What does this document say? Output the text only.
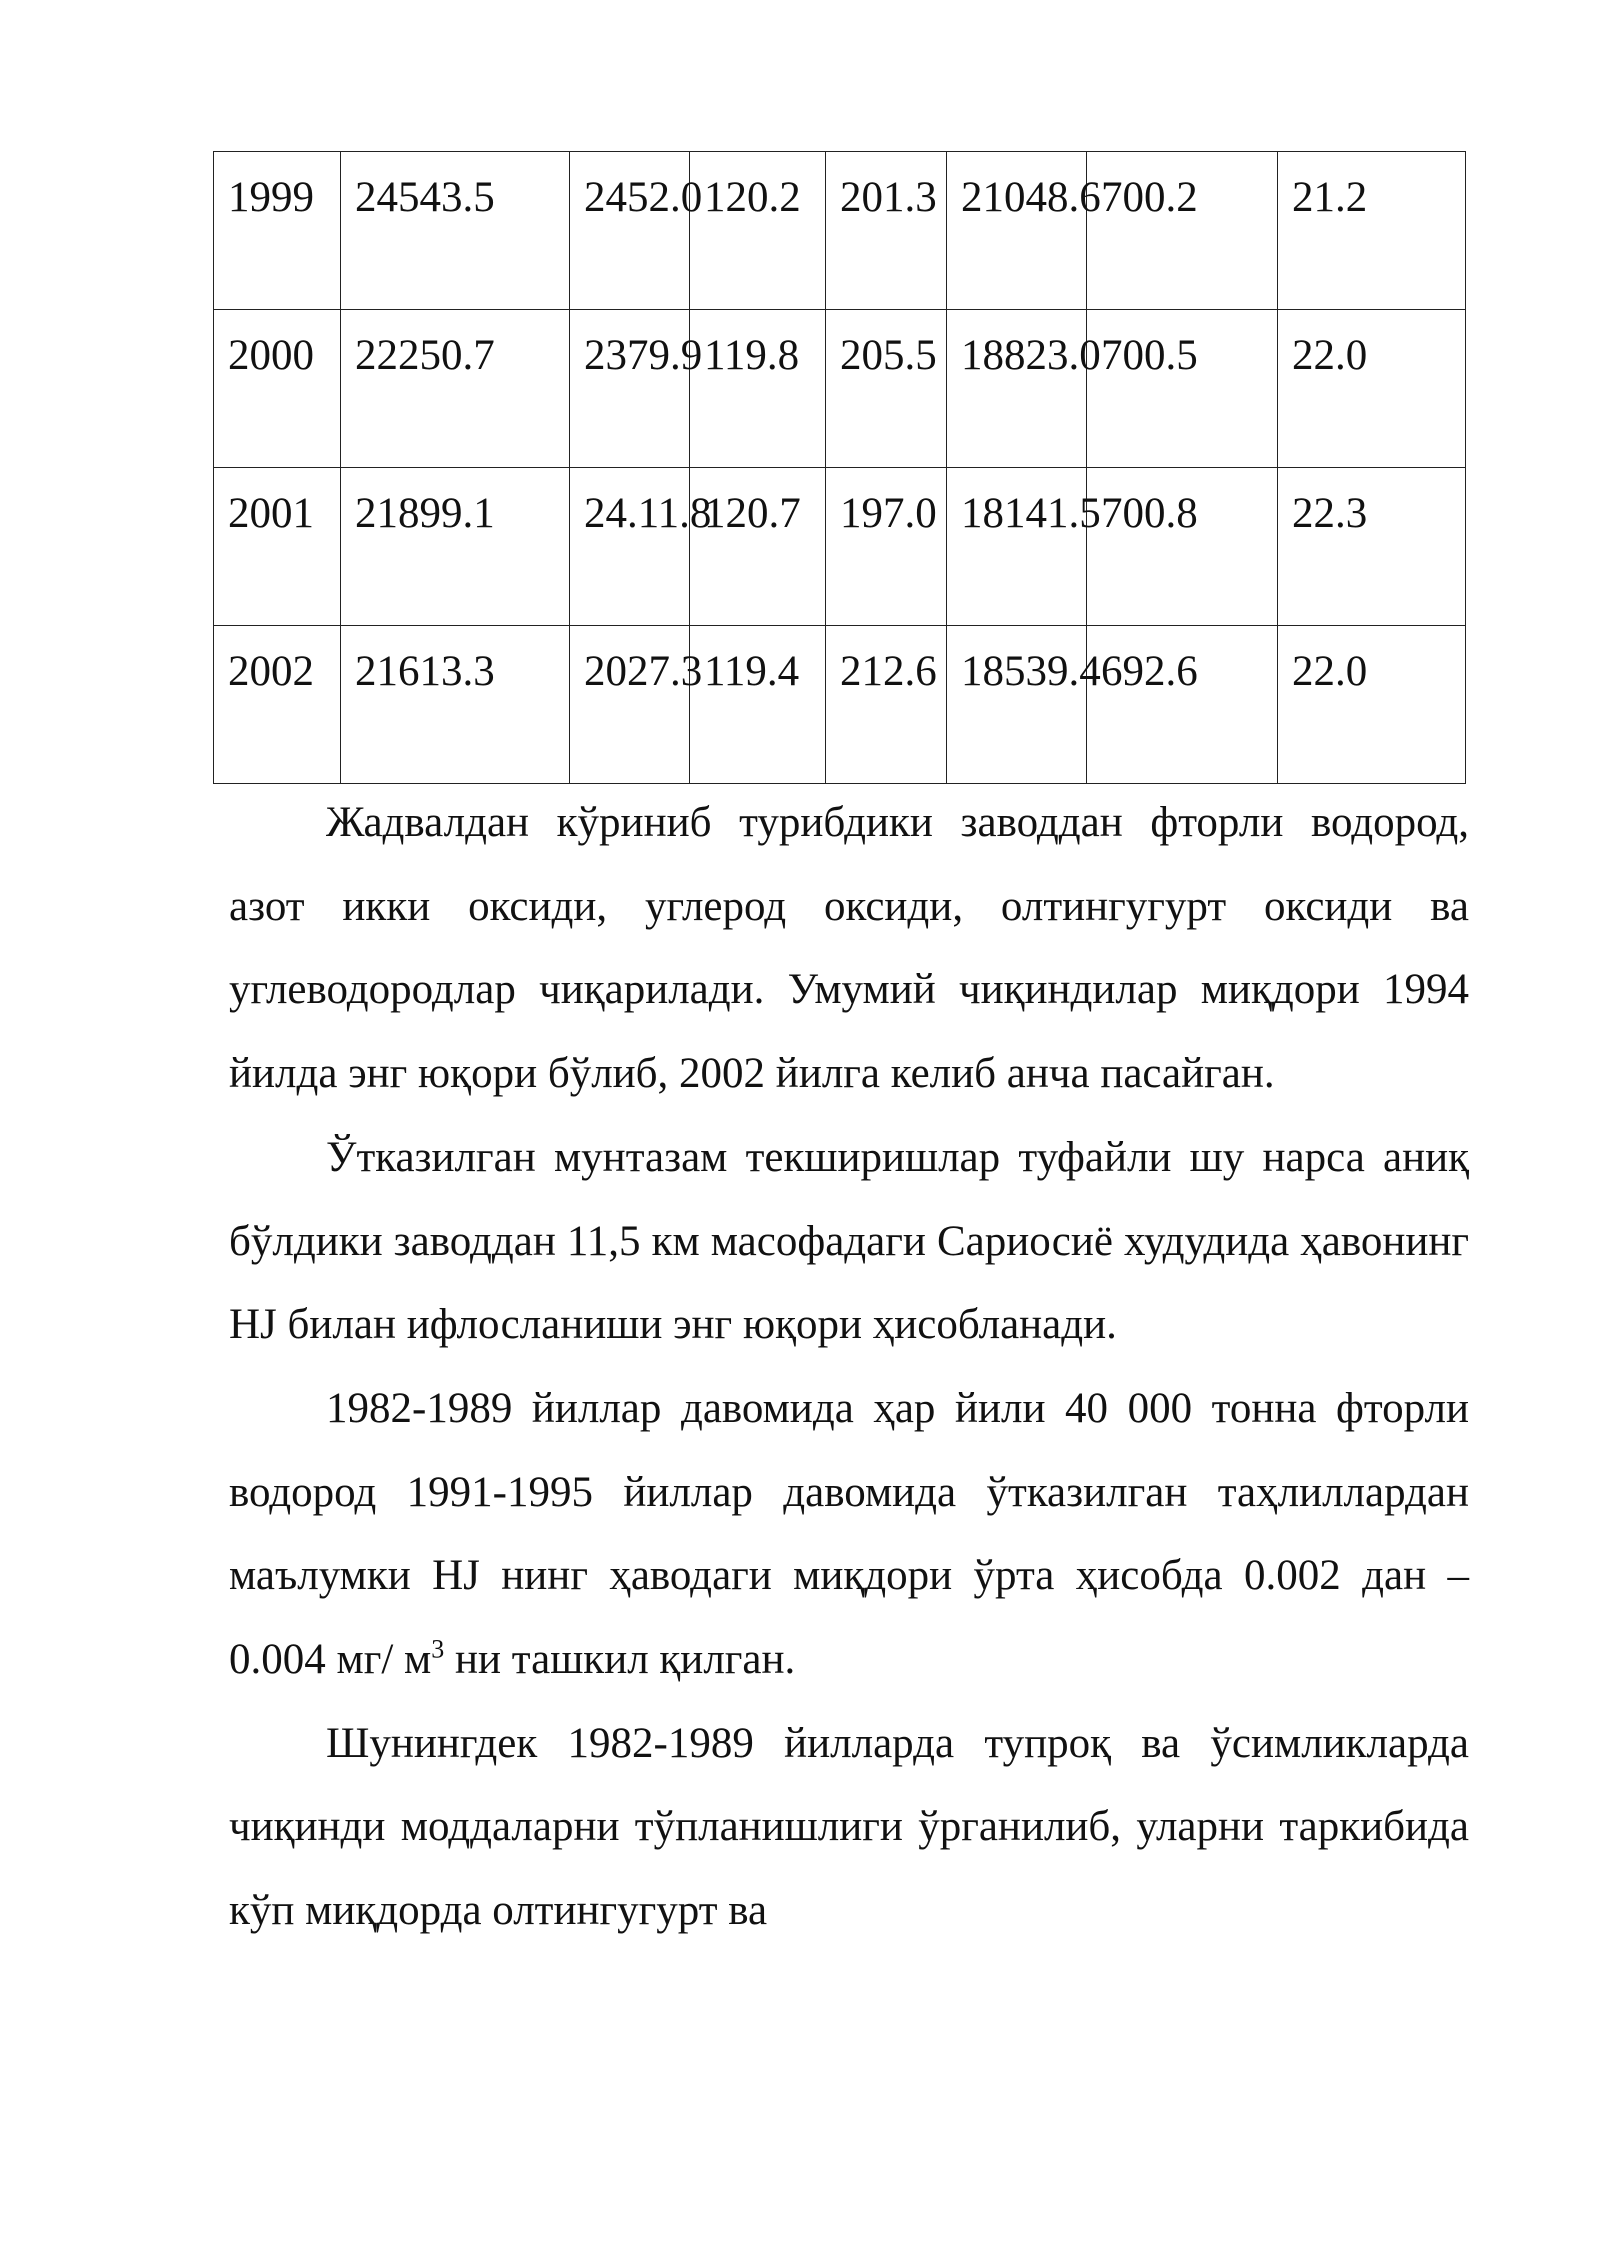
1999	24543.5	2452.0	120.2	201.3	21048.6	700.2	21.2
2000	22250.7	2379.9	119.8	205.5	18823.0	700.5	22.0
2001	21899.1	24.11.8	120.7	197.0	18141.5	700.8	22.3
2002	21613.3	2027.3	119.4	212.6	18539.4	692.6	22.0

Жадвалдан кўриниб турибдики заводдан фторли водород, азот икки оксиди, углерод оксиди, олтингугурт оксиди ва углеводородлар чиқарилади. Умумий чиқиндилар миқдори 1994 йилда энг юқори бўлиб, 2002 йилга келиб анча пасайган.

Ўтказилган мунтазам текширишлар туфайли шу нарса аниқ бўлдики заводдан 11,5 км масофадаги Сариосиё худудида ҳавонинг HJ билан ифлосланиши энг юқори ҳисобланади.

1982-1989 йиллар давомида ҳар йили 40 000 тонна фторли водород 1991-1995 йиллар давомида ўтказилган таҳлиллардан маълумки HJ нинг ҳаводаги миқдори ўрта ҳисобда 0.002 дан – 0.004 мг/ $м^3$ ни ташкил қилган.

Шунингдек 1982-1989 йилларда тупроқ ва ўсимликларда чиқинди моддаларни тўпланишлиги ўрганилиб, уларни таркибида кўп миқдорда олтингугурт ва
